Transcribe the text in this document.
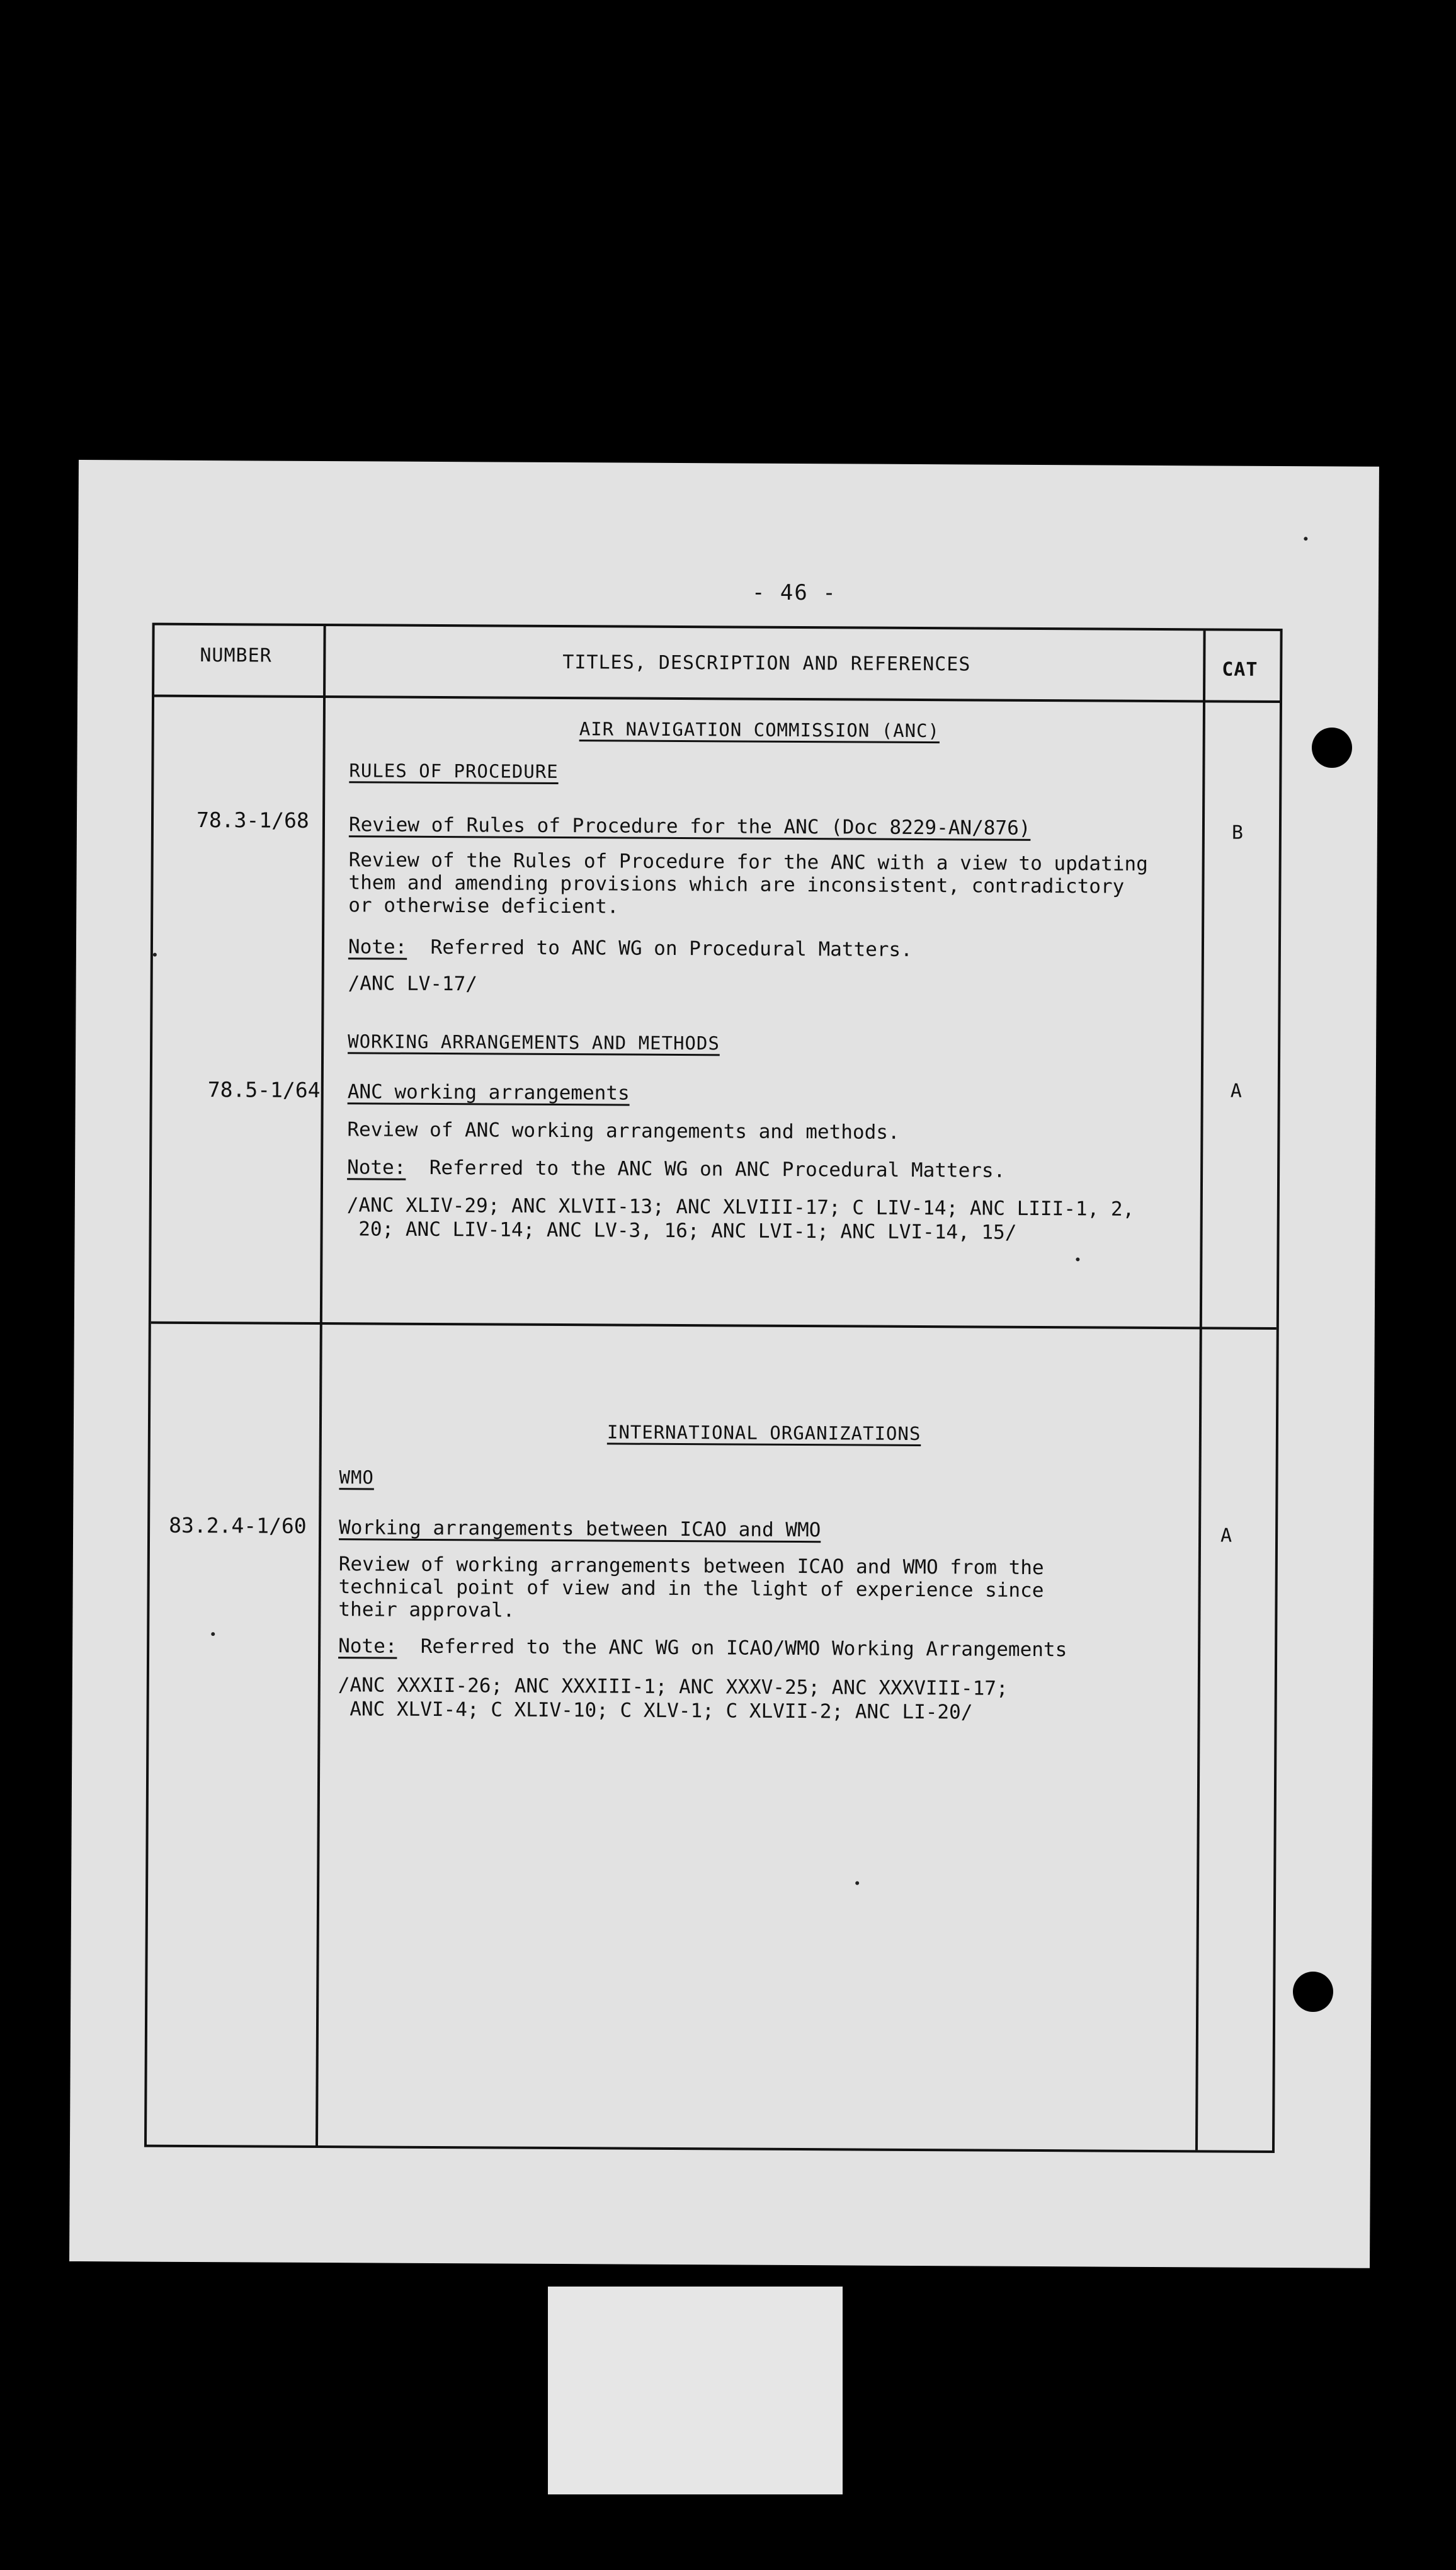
- 46 -
NUMBER	TITLES, DESCRIPTION AND REFERENCES	CAT
AIR NAVIGATION COMMISSION (ANC)
RULES OF PROCEDURE
78.3-1/68 Review of Rules of Procedure for the ANC (Doc 8229-AN/876)
Review of the Rules of Procedure for the ANC with a view to updating
them and amending provisions which are inconsistent, contradictory
or otherwise deficient.
Note:  Referred to ANC WG on Procedural Matters.
/ANC LV-17/
B
WORKING ARRANGEMENTS AND METHODS
78.5-1/64 ANC working arrangements
Review of ANC working arrangements and methods.
Note:  Referred to the ANC WG on ANC Procedural Matters.
/ANC XLIV-29; ANC XLVII-13; ANC XLVIII-17; C LIV-14; ANC LIII-1, 2,
20; ANC LIV-14; ANC LV-3, 16; ANC LVI-1; ANC LVI-14, 15/
A
INTERNATIONAL ORGANIZATIONS
WMO
83.2.4-1/60 Working arrangements between ICAO and WMO
Review of working arrangements between ICAO and WMO from the
technical point of view and in the light of experience since
their approval.
Note:  Referred to the ANC WG on ICAO/WMO Working Arrangements
/ANC XXXII-26; ANC XXXIII-1; ANC XXXV-25; ANC XXXVIII-17;
ANC XLVI-4; C XLIV-10; C XLV-1; C XLVII-2; ANC LI-20/
A
